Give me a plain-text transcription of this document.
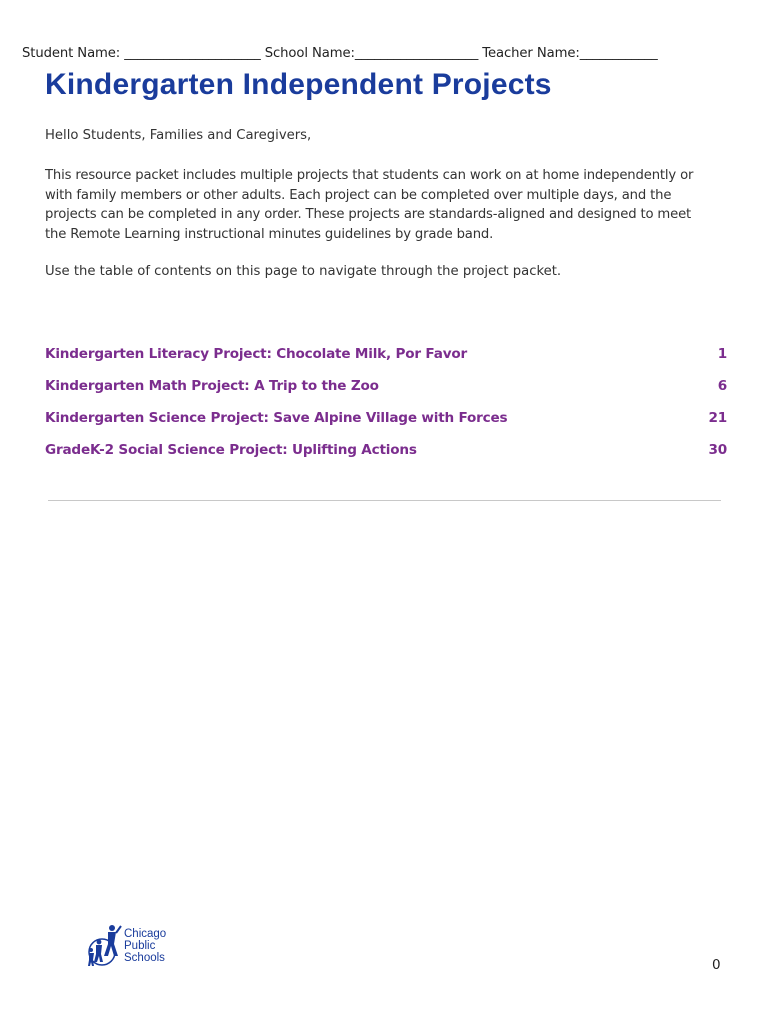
Student Name: _____________________ School Name:___________________ Teacher Name:____________
Kindergarten Independent Projects
Hello Students, Families and Caregivers,
This resource packet includes multiple projects that students can work on at home independently or
with family members or other adults. Each project can be completed over multiple days, and the
projects can be completed in any order. These projects are standards-aligned and designed to meet
the Remote Learning instructional minutes guidelines by grade band.
Use the table of contents on this page to navigate through the project packet.
Kindergarten Literacy Project: Chocolate Milk, Por Favor	1
Kindergarten Math Project: A Trip to the Zoo	6
Kindergarten Science Project: Save Alpine Village with Forces	21
GradeK-2 Social Science Project: Uplifting Actions	30
Chicago
Public
Schools	0
